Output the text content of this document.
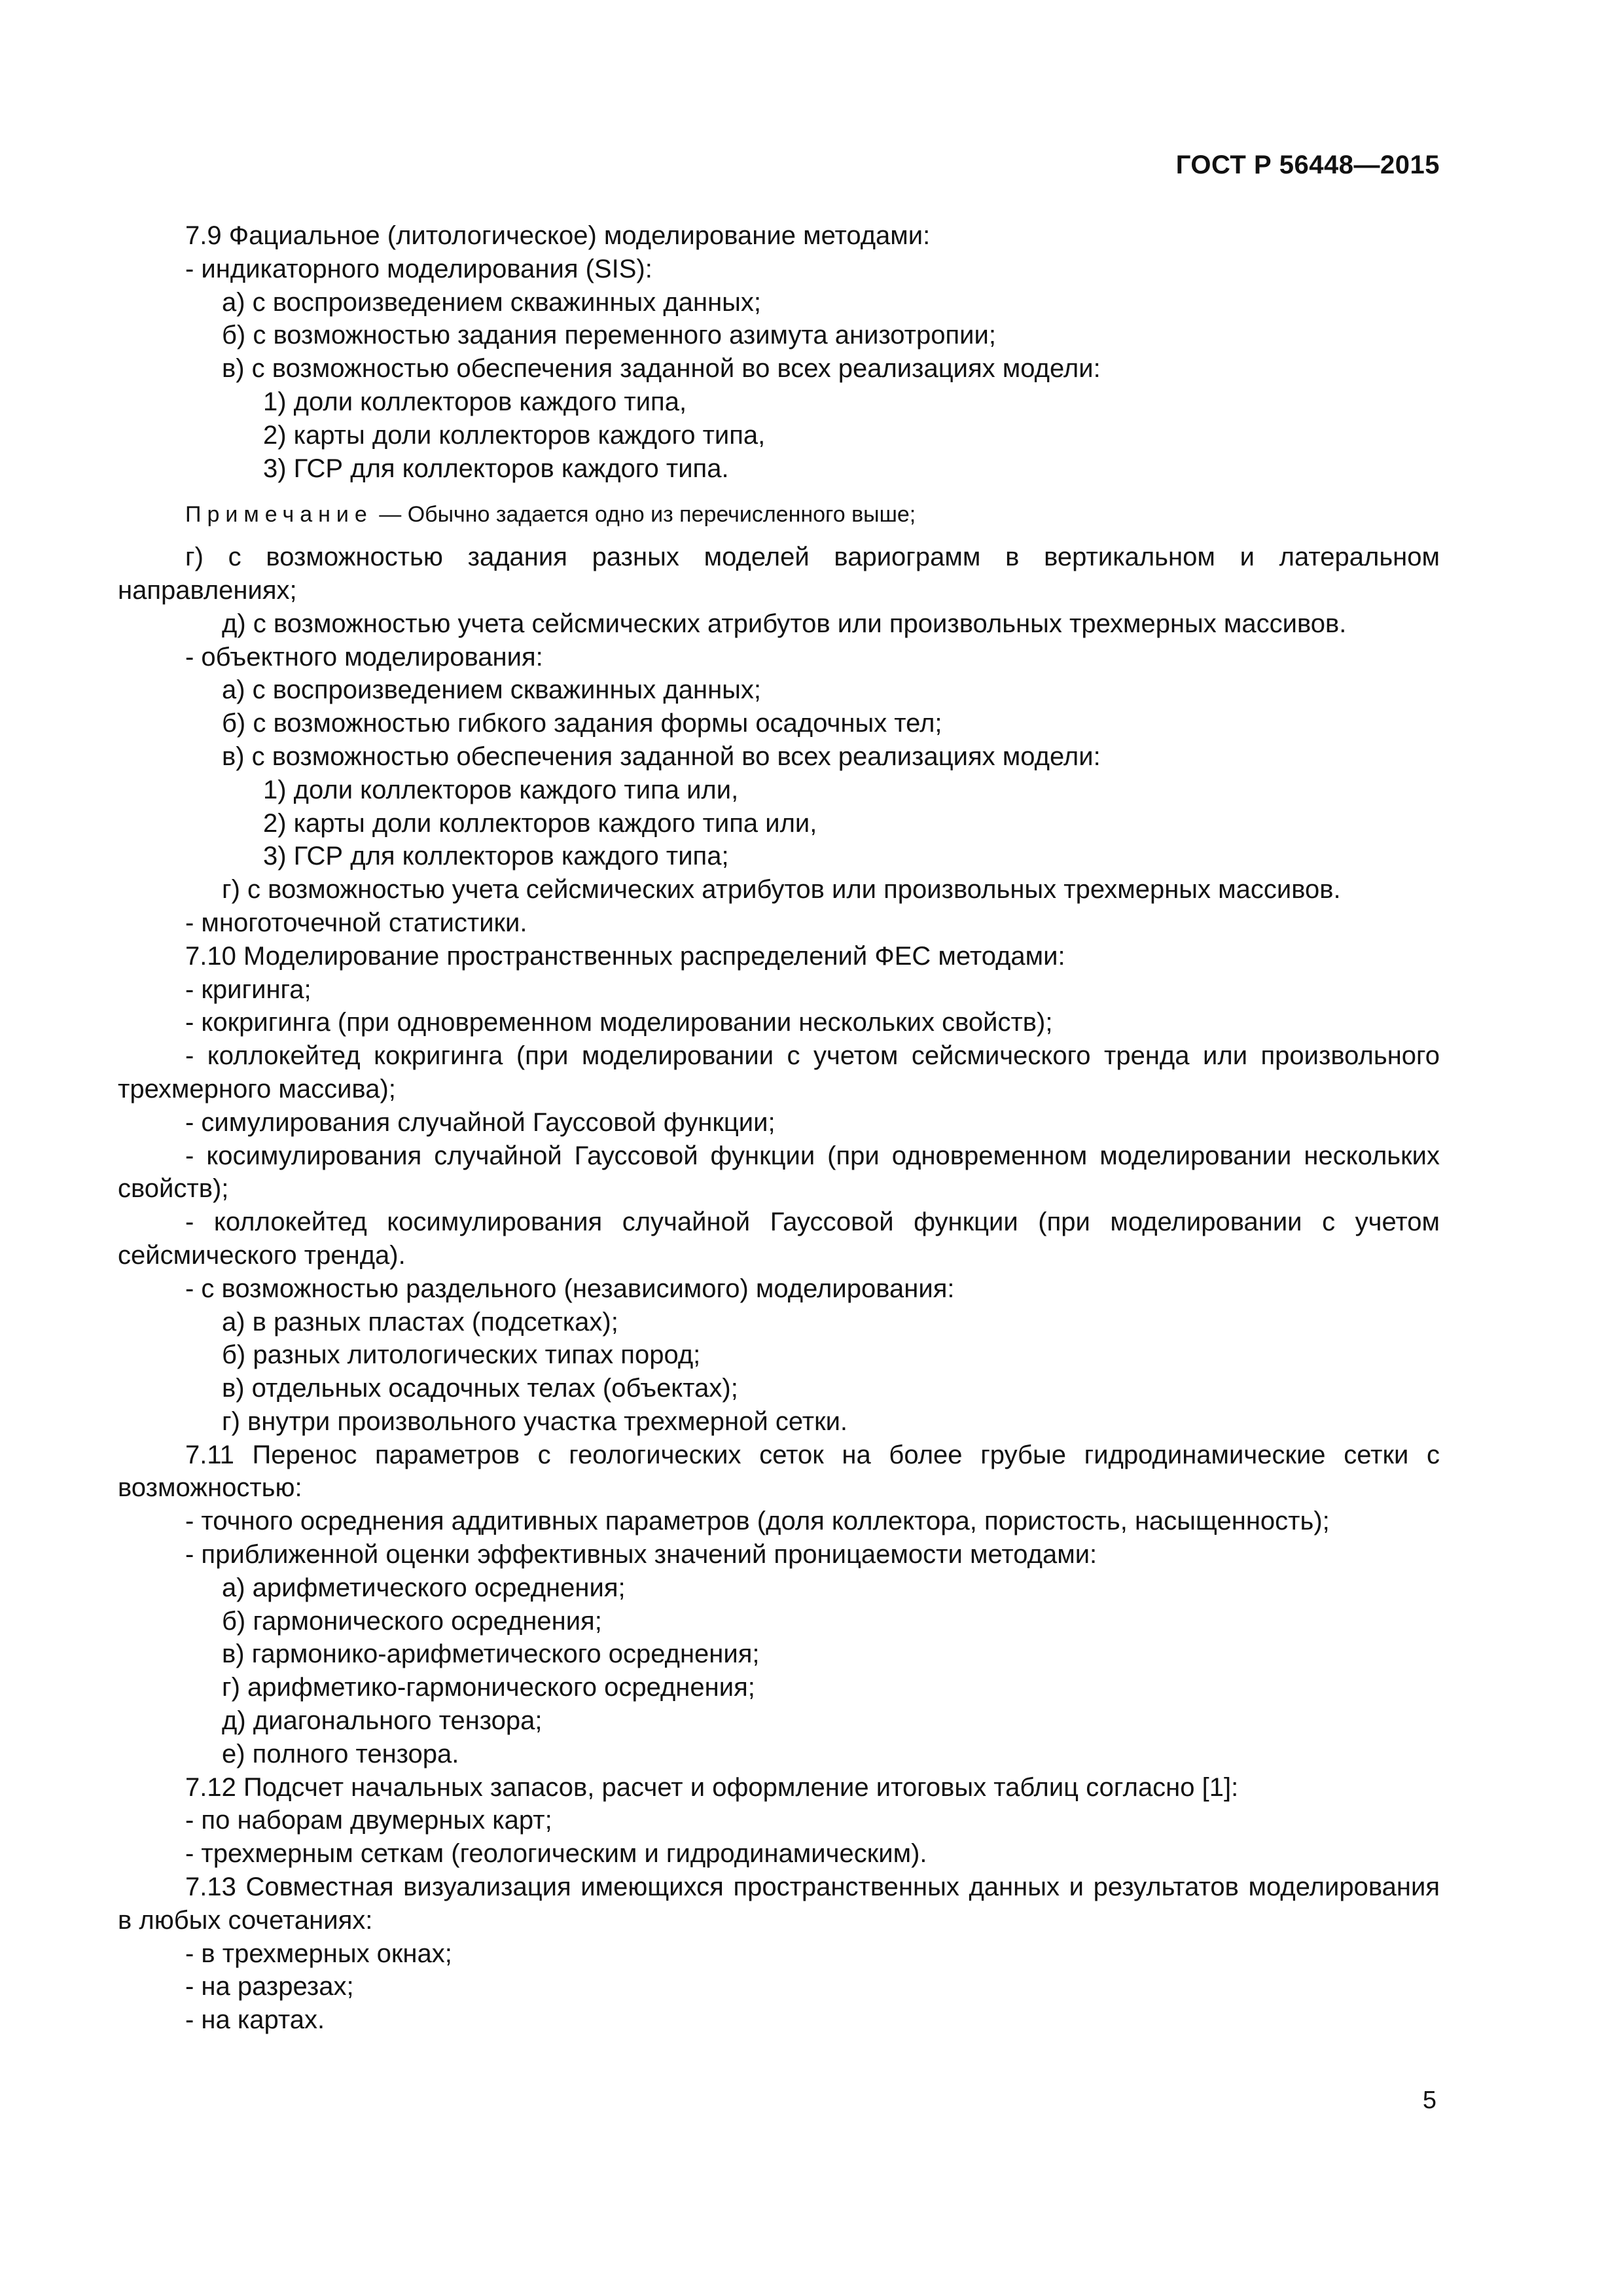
ГОСТ Р 56448—2015
7.9 Фациальное (литологическое) моделирование методами:
- индикаторного моделирования (SIS):
а) с воспроизведением скважинных данных;
б) с возможностью задания переменного азимута анизотропии;
в) с возможностью обеспечения заданной во всех реализациях модели:
1) доли коллекторов каждого типа,
2) карты доли коллекторов каждого типа,
3) ГСР для коллекторов каждого типа.
Примечание — Обычно задается одно из перечисленного выше;
г) с возможностью задания разных моделей вариограмм в вертикальном и латеральном направлениях;
д) с возможностью учета сейсмических атрибутов или произвольных трехмерных массивов.
- объектного моделирования:
а) с воспроизведением скважинных данных;
б) с возможностью гибкого задания формы осадочных тел;
в) с возможностью обеспечения заданной во всех реализациях модели:
1) доли коллекторов каждого типа или,
2) карты доли коллекторов каждого типа или,
3) ГСР для коллекторов каждого типа;
г) с возможностью учета сейсмических атрибутов или произвольных трехмерных массивов.
- многоточечной статистики.
7.10 Моделирование пространственных распределений ФЕС методами:
- кригинга;
- кокригинга (при одновременном моделировании нескольких свойств);
- коллокейтед кокригинга (при моделировании с учетом сейсмического тренда или произвольного трехмерного массива);
- симулирования случайной Гауссовой функции;
- косимулирования случайной Гауссовой функции (при одновременном моделировании нескольких свойств);
- коллокейтед косимулирования случайной Гауссовой функции (при моделировании с учетом сейсмического тренда).
- с возможностью раздельного (независимого) моделирования:
а) в разных пластах (подсетках);
б) разных литологических типах пород;
в) отдельных осадочных телах (объектах);
г) внутри произвольного участка трехмерной сетки.
7.11 Перенос параметров с геологических сеток на более грубые гидродинамические сетки с возможностью:
- точного осреднения аддитивных параметров (доля коллектора, пористость, насыщенность);
- приближенной оценки эффективных значений проницаемости методами:
а) арифметического осреднения;
б) гармонического осреднения;
в) гармонико-арифметического осреднения;
г) арифметико-гармонического осреднения;
д) диагонального тензора;
е) полного тензора.
7.12 Подсчет начальных запасов, расчет и оформление итоговых таблиц согласно [1]:
- по наборам двумерных карт;
- трехмерным сеткам (геологическим и гидродинамическим).
7.13 Совместная визуализация имеющихся пространственных данных и результатов моделирования в любых сочетаниях:
- в трехмерных окнах;
- на разрезах;
- на картах.
5
